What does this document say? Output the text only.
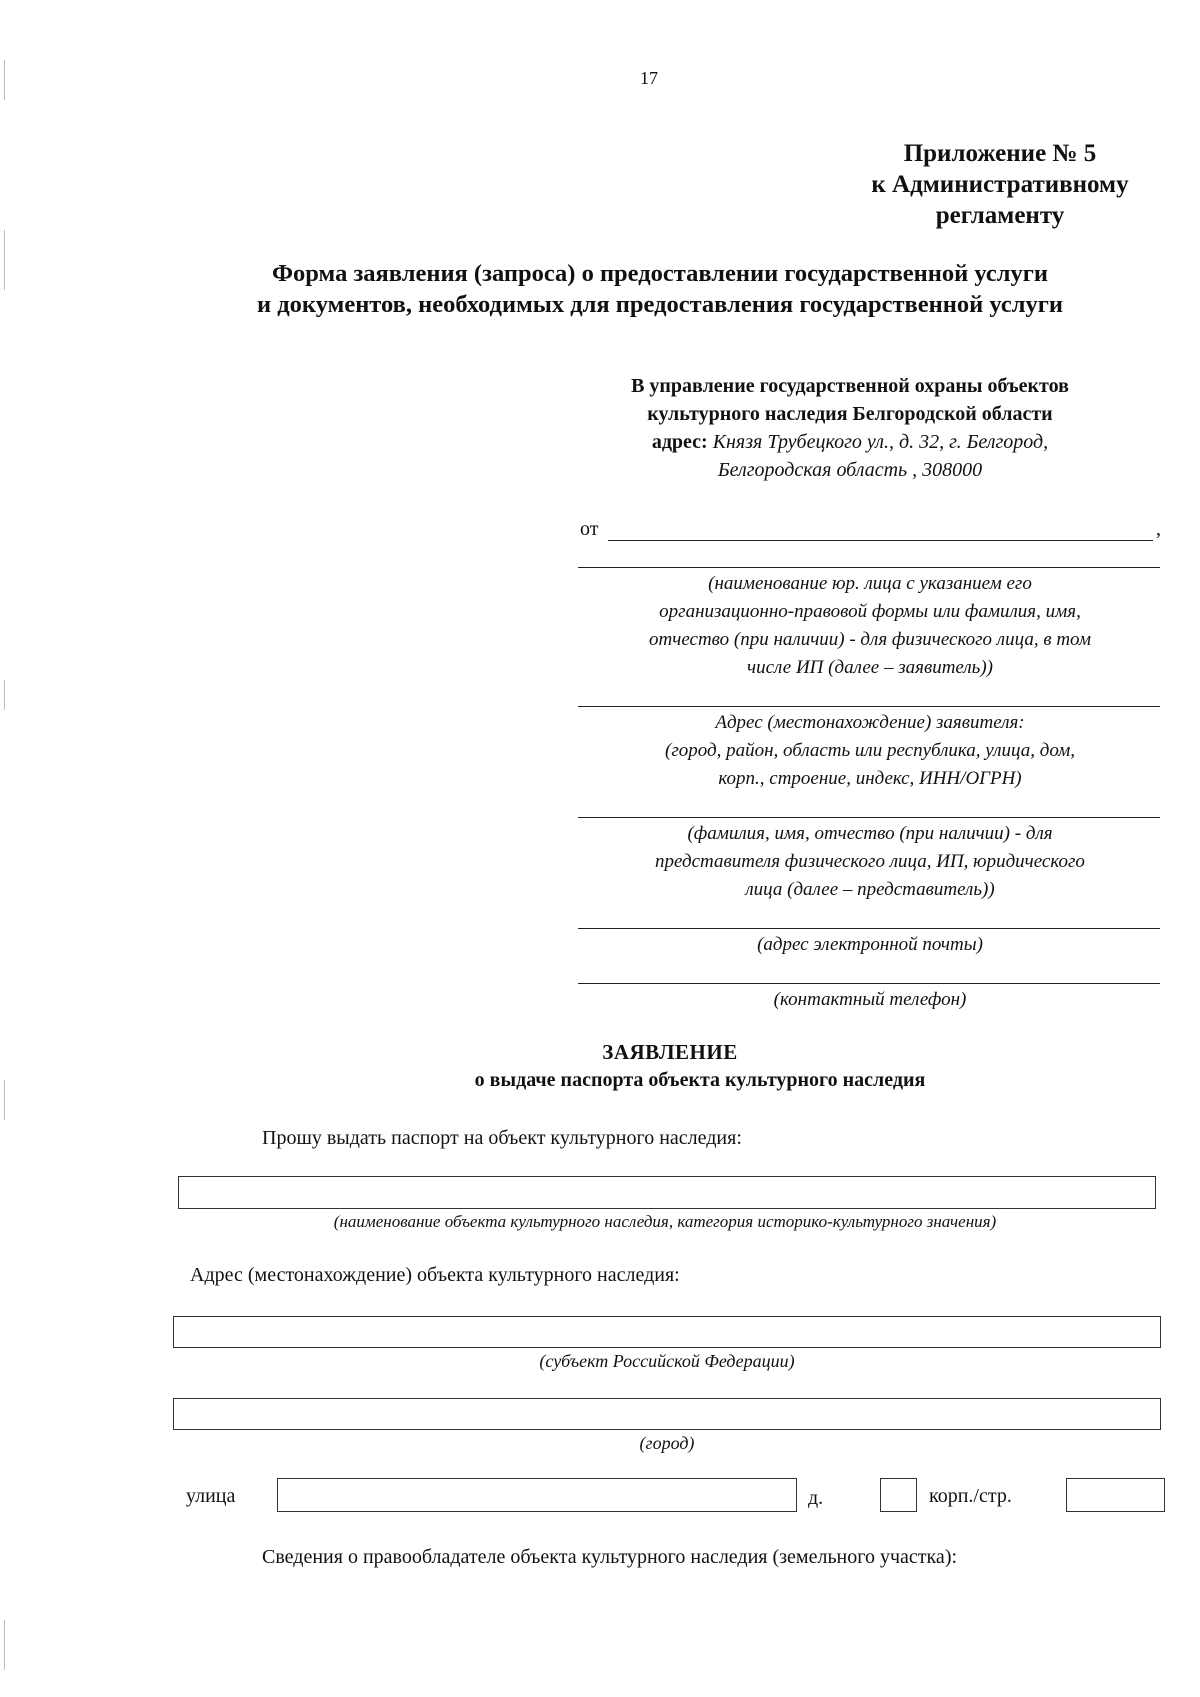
17
Приложение № 5
к Административному
регламенту
Форма заявления (запроса) о предоставлении государственной услуги
и документов, необходимых для предоставления государственной услуги
В управление государственной охраны объектов
культурного наследия Белгородской области
адрес: Князя Трубецкого ул., д. 32, г. Белгород,
Белгородская область , 308000
от	,
(наименование юр. лица с указанием его
организационно-правовой формы или фамилия, имя,
отчество (при наличии) - для физического лица, в том
числе ИП (далее – заявитель))
Адрес (местонахождение) заявителя:
(город, район, область или республика, улица, дом,
корп., строение, индекс, ИНН/ОГРН)
(фамилия, имя, отчество (при наличии) - для
представителя физического лица, ИП, юридического
лица (далее – представитель))
(адрес электронной почты)
(контактный телефон)
ЗАЯВЛЕНИЕ
о выдаче паспорта объекта культурного наследия
Прошу выдать паспорт на объект культурного наследия:
(наименование объекта культурного наследия, категория историко-культурного значения)
Адрес (местонахождение) объекта культурного наследия:
(субъект Российской Федерации)
(город)
улица	д.	корп./стр.
Сведения о правообладателе объекта культурного наследия (земельного участка):
